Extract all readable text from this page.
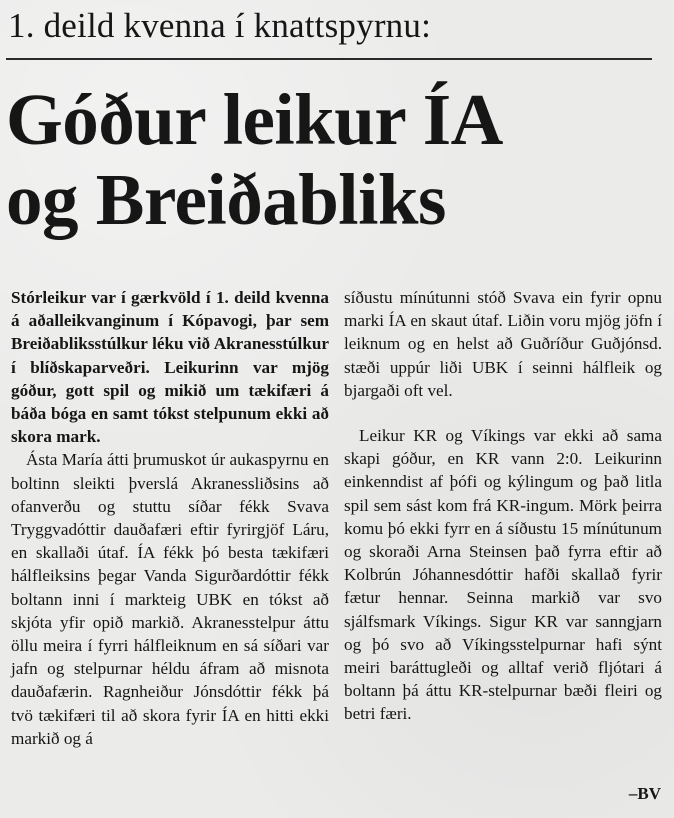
1. deild kvenna í knattspyrnu:
Góður leikur ÍA
og Breiðabliks

Stórleikur var í gærkvöld í 1. deild kvenna á aðalleikvanginum í Kópavogi, þar sem Breiðabliksstúlkur léku við Akranesstúlkur í blíðskaparveðri. Leikurinn var mjög góður, gott spil og mikið um tækifæri á báða bóga en samt tókst stelpunum ekki að skora mark.

Ásta María átti þrumuskot úr aukaspyrnu en boltinn sleikti þverslá Akranessliðsins að ofanverðu og stuttu síðar fékk Svava Tryggvadóttir dauðafæri eftir fyrirgjöf Láru, en skallaði útaf. ÍA fékk þó besta tækifæri hálfleiksins þegar Vanda Sigurðardóttir fékk boltann inni í markteig UBK en tókst að skjóta yfir opið markið. Akranesstelpur áttu öllu meira í fyrri hálfleiknum en sá síðari var jafn og stelpurnar héldu áfram að misnota dauðafærin. Ragnheiður Jónsdóttir fékk þá tvö tækifæri til að skora fyrir ÍA en hitti ekki markið og á

síðustu mínútunni stóð Svava ein fyrir opnu marki ÍA en skaut útaf. Liðin voru mjög jöfn í leiknum og en helst að Guðríður Guðjónsd. stæði uppúr liði UBK í seinni hálfleik og bjargaði oft vel.

Leikur KR og Víkings var ekki að sama skapi góður, en KR vann 2:0. Leikurinn einkenndist af þófi og kýlingum og það litla spil sem sást kom frá KR-ingum. Mörk þeirra komu þó ekki fyrr en á síðustu 15 mínútunum og skoraði Arna Steinsen það fyrra eftir að Kolbrún Jóhannesdóttir hafði skallað fyrir fætur hennar. Seinna markið var svo sjálfsmark Víkings. Sigur KR var sanngjarn og þó svo að Víkingsstelpurnar hafi sýnt meiri baráttugleði og alltaf verið fljótari á boltann þá áttu KR-stelpurnar bæði fleiri og betri færi.

–BV
